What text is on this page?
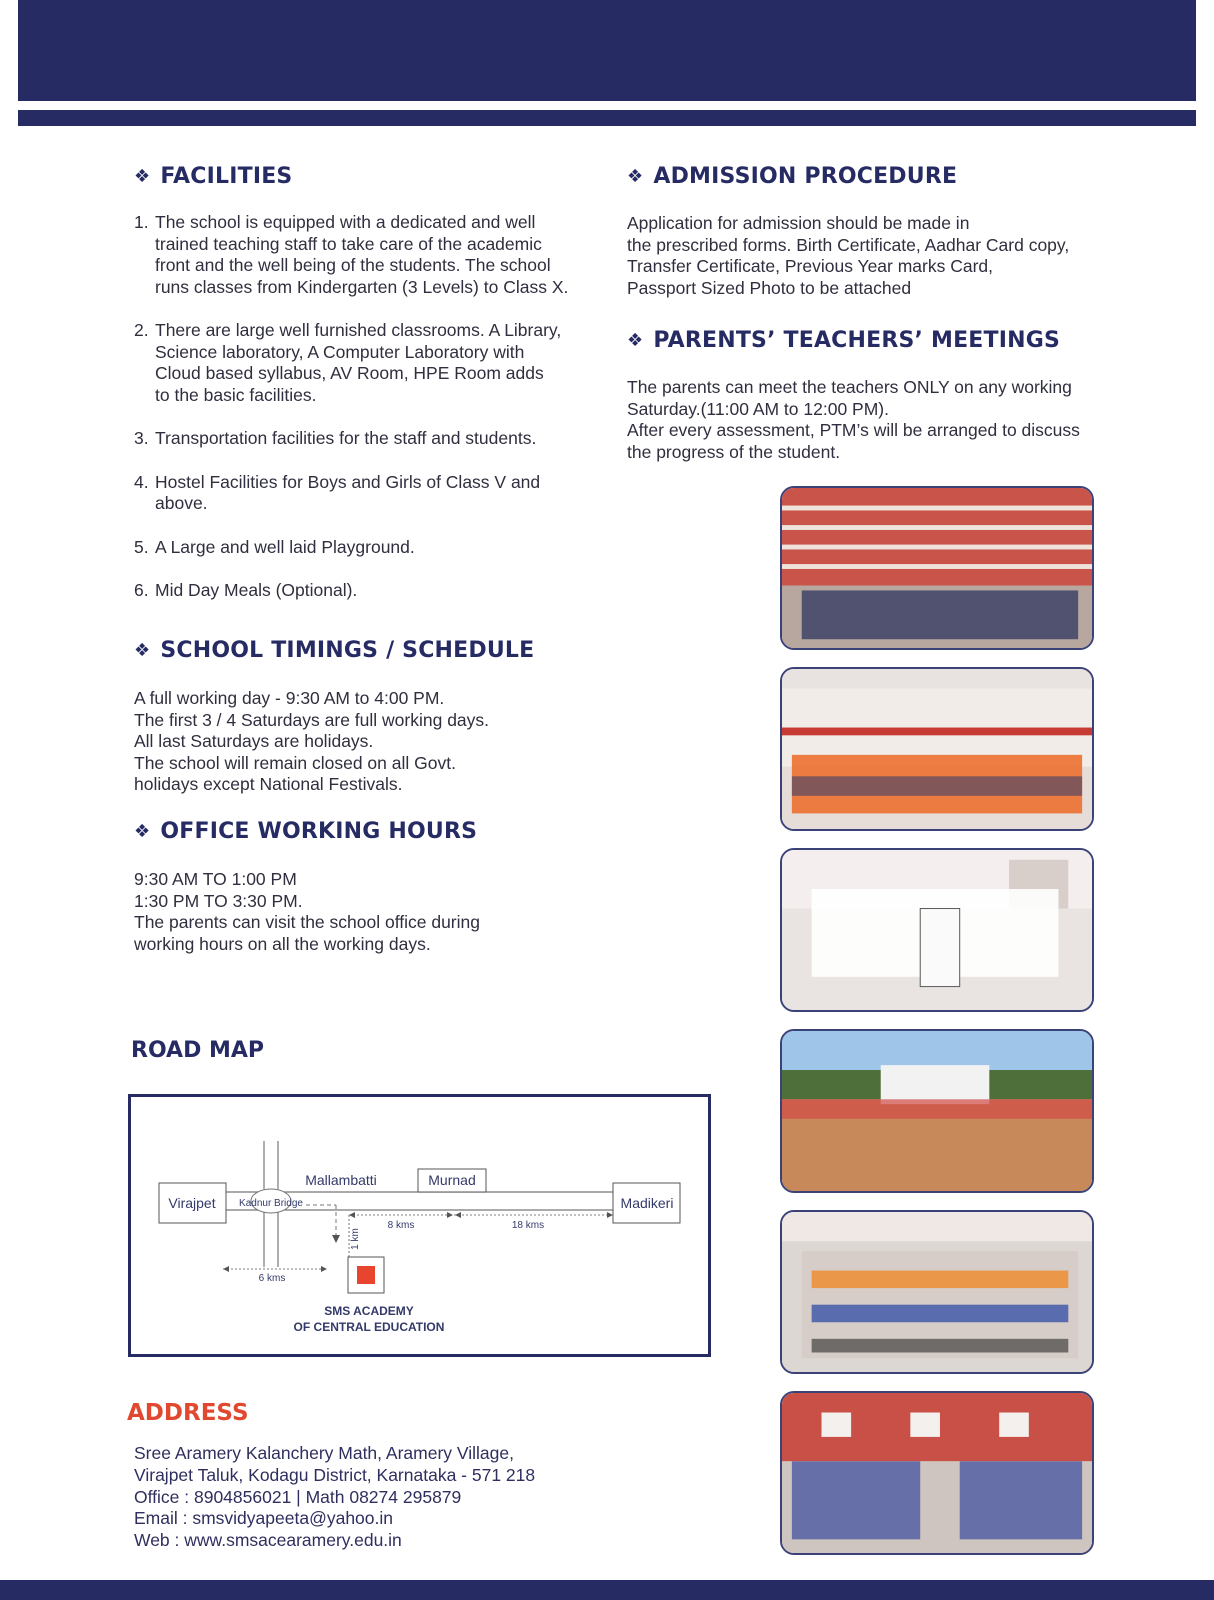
❖ FACILITIES
1. The school is equipped with a dedicated and well
trained teaching staff to take care of the academic
front and the well being of the students. The school
runs classes from Kindergarten (3 Levels) to Class X.
2. There are large well furnished classrooms. A Library,
Science laboratory, A Computer Laboratory with
Cloud based syllabus, AV Room, HPE Room adds
to the basic facilities.
3. Transportation facilities for the staff and students.
4. Hostel Facilities for Boys and Girls of Class V and
above.
5. A Large and well laid Playground.
6. Mid Day Meals (Optional).
❖ SCHOOL TIMINGS / SCHEDULE
A full working day - 9:30 AM to 4:00 PM.
The first 3 / 4 Saturdays are full working days.
All last Saturdays are holidays.
The school will remain closed on all Govt.
holidays except National Festivals.
❖ OFFICE WORKING HOURS
9:30 AM TO 1:00 PM
1:30 PM TO 3:30 PM.
The parents can visit the school office during
working hours on all the working days.
❖ ADMISSION PROCEDURE
Application for admission should be made in
the prescribed forms. Birth Certificate, Aadhar Card copy,
Transfer Certificate, Previous Year marks Card,
Passport Sized Photo to be attached
❖ PARENTS’ TEACHERS’ MEETINGS
The parents can meet the teachers ONLY on any working
Saturday.(11:00 AM to 12:00 PM).
After every assessment, PTM’s will be arranged to discuss
the progress of the student.
ROAD MAP
Virajpet Kadnur Bridge
Mallambatti	Murnad
Madikeri
8 kms	18 kms
1 km
6 kms
SMS ACADEMY
OF CENTRAL EDUCATION
ADDRESS
Sree Aramery Kalanchery Math, Aramery Village,
Virajpet Taluk, Kodagu District, Karnataka - 571 218
Office : 8904856021 | Math 08274 295879
Email : smsvidyapeeta@yahoo.in
Web : www.smsacearamery.edu.in
